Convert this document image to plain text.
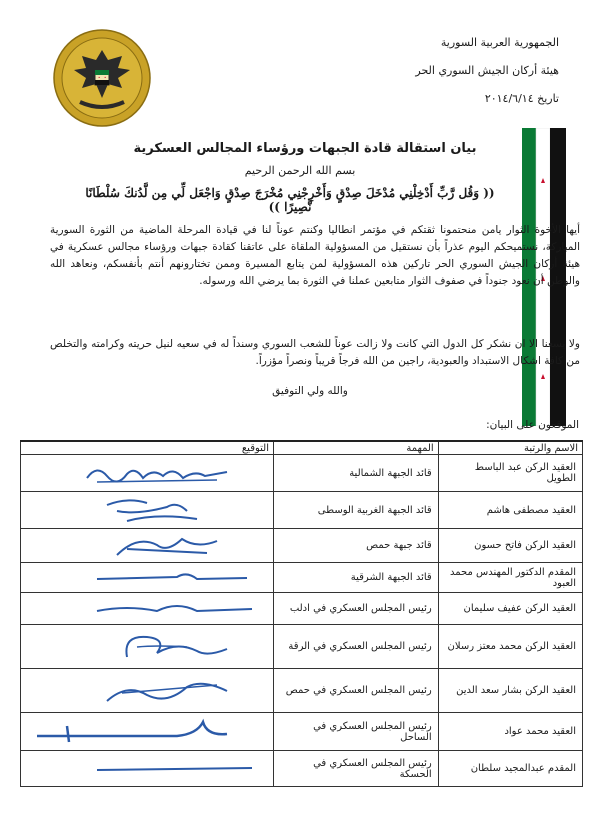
الجمهورية العربية السورية
هيئة أركان الجيش السوري الحر
تاريخ ٢٠١٤/٦/١٤
بيان استقالة قادة الجبهات ورؤساء المجالس العسكرية
بسم الله الرحمن الرحيم
(( وَقُل رَّبِّ أَدْخِلْنِي مُدْخَلَ صِدْقٍ وَأَخْرِجْنِي مُخْرَجَ صِدْقٍ وَاجْعَل لِّي مِن لَّدُنكَ سُلْطَانًا نَّصِيرًا ))
أيها الأخوة الثوار يامن منحتمونا ثقتكم في مؤتمر انطاليا وكنتم عوناً لنا في قيادة المرحلة الماضية من الثورة السورية المباركة، نستميحكم اليوم عذراً بأن نستقيل من المسؤولية الملقاة على عاتقنا كقادة جبهات ورؤساء مجالس عسكرية في هيئة أركان الجيش السوري الحر تاركين هذه المسؤولية لمن يتابع المسيرة وممن تختارونهم أنتم بأنفسكم، ونعاهد الله والوطن أن نعود جنوداً في صفوف الثوار متابعين عملنا في الثورة بما يرضي الله ورسوله.
ولا يسعنا الا ان نشكر كل الدول التي كانت ولا زالت عوناً للشعب السوري وسنداً له في سعيه لنيل حريته وكرامته والتخلص من كافة اشكال الاستبداد والعبودية، راجين من الله فرجاً قريباً ونصراً مؤزراً.
والله ولي التوفيق
الموقعون على البيان:
الاسم والرتبة	المهمة	التوقيع
العقيد الركن عبد الباسط الطويل	قائد الجبهة الشمالية	

العقيد مصطفى هاشم	قائد الجبهة الغربية الوسطى	

العقيد الركن فاتح حسون	قائد جبهة حمص	

المقدم الدكتور المهندس محمد العبود	قائد الجبهة الشرقية	

العقيد الركن عفيف سليمان	رئيس المجلس العسكري في ادلب	

العقيد الركن محمد معتز رسلان	رئيس المجلس العسكري في الرقة	

العقيد الركن بشار سعد الدين	رئيس المجلس العسكري في حمص	

العقيد محمد عواد	رئيس المجلس العسكري في الساحل	

المقدم عبدالمجيد سلطان	رئيس المجلس العسكري في الحسكة	
